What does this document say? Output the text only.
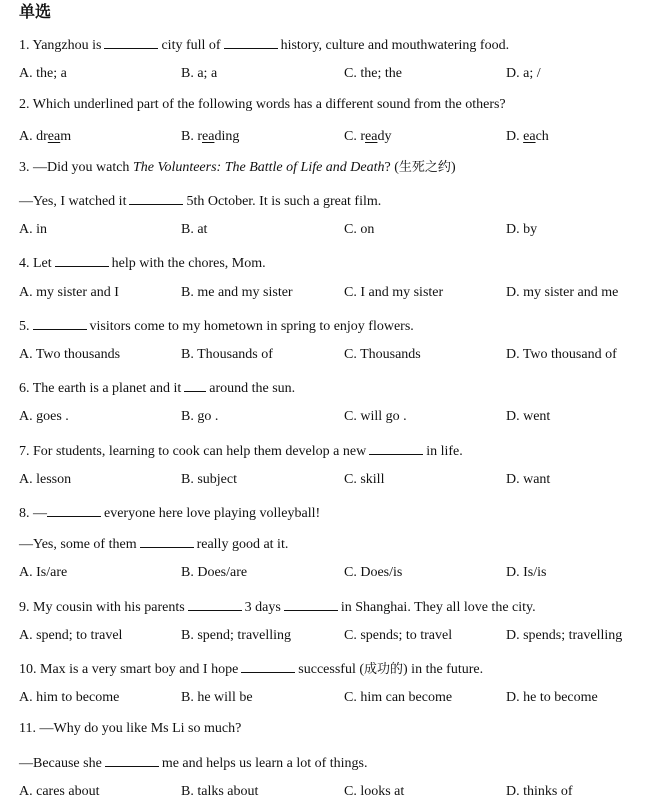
单选
1. Yangzhou is	city full of	history, culture and mouthwatering food.
A. the; a	B. a; a	C. the; the	D. a; /
2. Which underlined part of the following words has a different sound from the others?
A. dream	B. reading	C. ready	D. each
3. —Did you watch The Volunteers: The Battle of Life and Death? (生死之约)
—Yes, I watched it	5th October. It is such a great film.
A. in	B. at	C. on	D. by
4. Let	help with the chores, Mom.
A. my sister and I	B. me and my sister	C. I and my sister	D. my sister and me
5.	visitors come to my hometown in spring to enjoy flowers.
A. Two thousands	B. Thousands of	C. Thousands	D. Two thousand of
6. The earth is a planet and it around the sun.
A. goes .	B. go .	C. will go .	D. went
7. For students, learning to cook can help them develop a new	in life.
A. lesson	B. subject	C. skill	D. want
8. —	everyone here love playing volleyball!
—Yes, some of them	really good at it.
A. Is/are	B. Does/are	C. Does/is	D. Is/is
9. My cousin with his parents	3 days	in Shanghai. They all love the city.
A. spend; to travel	B. spend; travelling	C. spends; to travel	D. spends; travelling
10. Max is a very smart boy and I hope	successful (成功的) in the future.
A. him to become	B. he will be	C. him can become	D. he to become
11. —Why do you like Ms Li so much?
—Because she	me and helps us learn a lot of things.
A. cares about	B. talks about	C. looks at	D. thinks of
